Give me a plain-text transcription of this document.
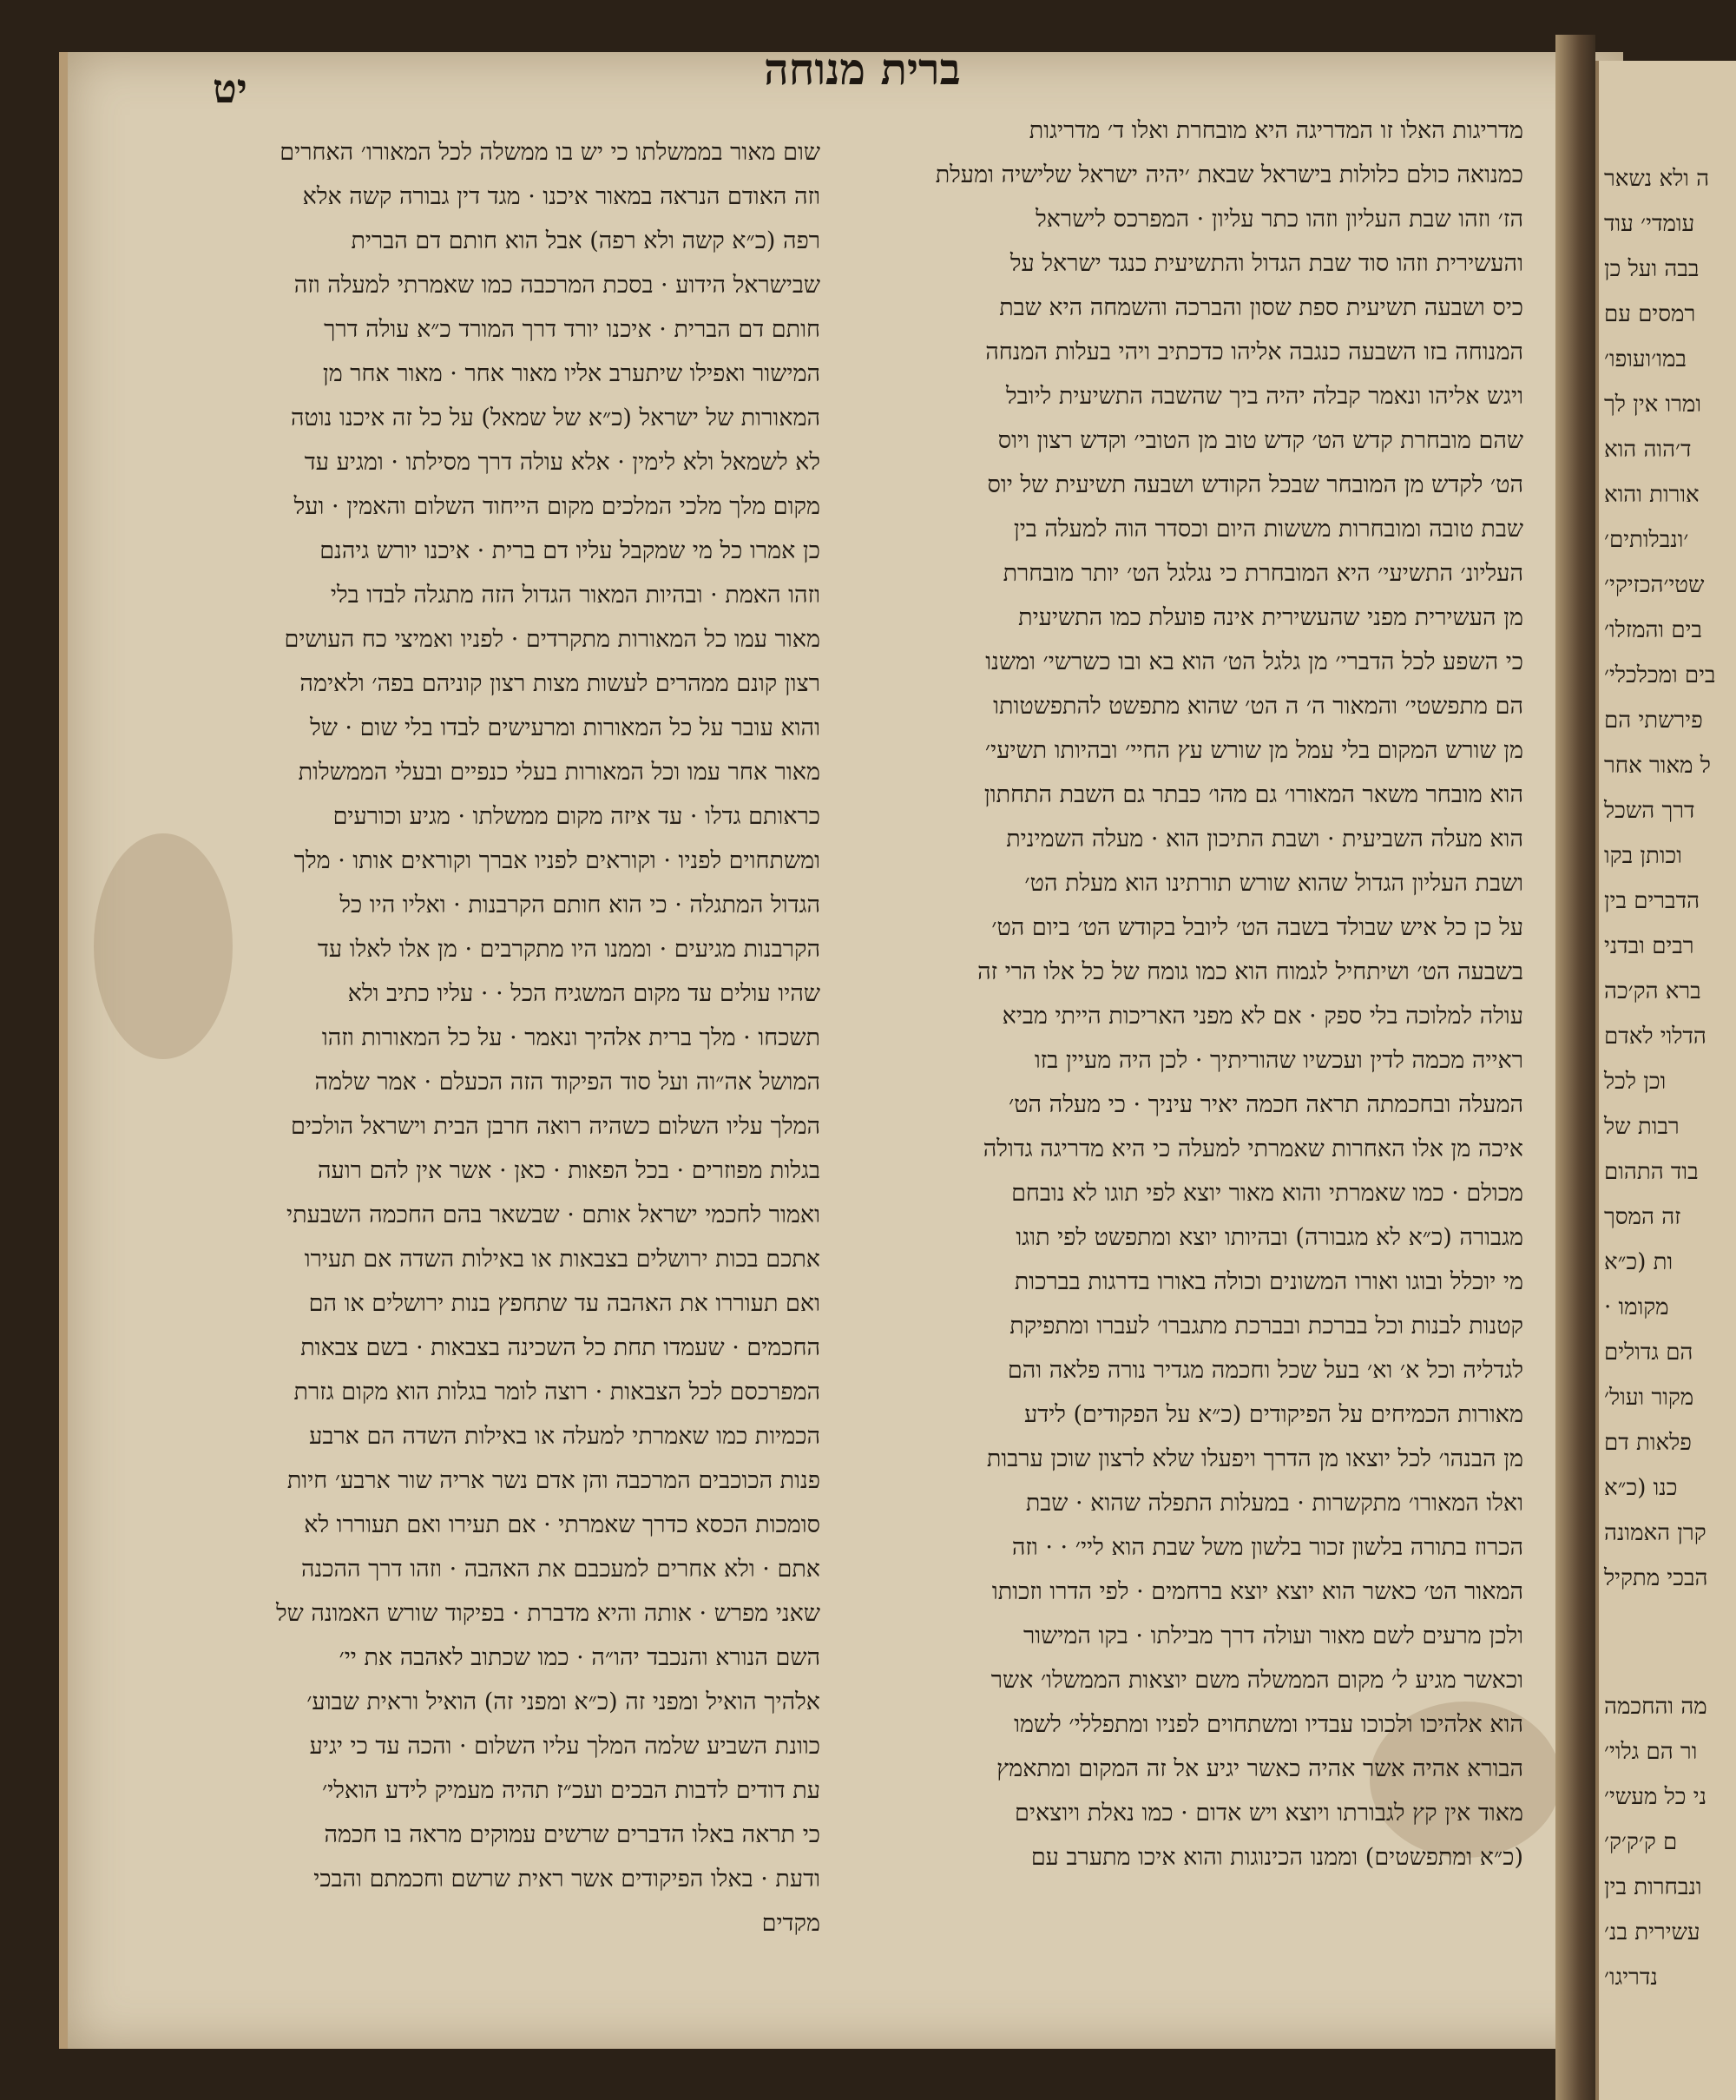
יט	ברית מנוחה
מדריגות האלו זו המדריגה היא מובחרת ואלו ד׳ מדריגות
כמנואה כולם כלולות בישראל שבאת ׳יהיה ישראל שלישיה ומעלת
הז׳ וזהו שבת העליון וזהו כתר עליון · המפרכס לישראל
והעשירית וזהו סוד שבת הגדול והתשיעית כנגד ישראל על
כיס ושבעה תשיעית ספת שסון והברכה והשמחה היא שבת
המנוחה בזו השבעה כנגבה אליהו כדכתיב ויהי בעלות המנחה
ויגש אליהו ונאמר קבלה יהיה ביך שהשבה התשיעית ליובל
שהם מובחרת קדש הט׳ קדש טוב מן הטובי׳ וקדש רצון ויוס
הט׳ לקדש מן המובחר שבכל הקודש ושבעה תשיעית של יוס
שבת טובה ומובחרות מששות היום וכסדר הוה למעלה בין
העליונ׳ התשיעי׳ היא המובחרת כי נגלגל הט׳ יותר מובחרת
מן העשירית מפני שהעשירית אינה פועלת כמו התשיעית
כי השפע לכל הדברי׳ מן גלגל הט׳ הוא בא ובו כשרשי׳ ומשנו
הם מתפשטי׳ והמאור ה׳ ה הט׳ שהוא מתפשט להתפשטותו
מן שורש המקום בלי עמל מן שורש עץ החיי׳ ובהיותו תשיעי׳
הוא מובחר משאר המאורו׳ גם מהו׳ כבתר גם השבת התחתון
הוא מעלה השביעית · ושבת התיכון הוא · מעלה השמינית
ושבת העליון הגדול שהוא שורש תורתינו הוא מעלת הט׳
על כן כל איש שבולד בשבה הט׳ ליובל בקודש הט׳ ביום הט׳
בשבעה הט׳ ושיתחיל לגמוח הוא כמו גומח של כל אלו הרי זה
עולה למלוכה בלי ספק · אם לא מפני האריכות הייתי מביא
ראייה מכמה לדין ועכשיו שהוריתיך · לכן היה מעיין בזו
המעלה ובחכמתה תראה חכמה יאיר עיניך · כי מעלה הט׳
איכה מן אלו האחרות שאמרתי למעלה כי היא מדריגה גדולה
מכולם · כמו שאמרתי והוא מאור יוצא לפי תוגו לא נובחם
מגבורה (כ״א לא מגבורה) ובהיותו יוצא ומתפשט לפי תוגו
מי יוכלל ובוגו ואורו המשונים וכולה באורו בדרגות בברכות
קטנות לבנות וכל בברכת ובברכת מתגברו׳ לעברו ומתפיקת
לגדליה וכל א׳ וא׳ בעל שכל וחכמה מגדיר נורה פלאה והם
מאורות הכמיחים על הפיקודים (כ״א על הפקודים) לידע
מן הבנהו׳ לכל יוצאו מן הדרך ויפעלו שלא לרצון שוכן ערבות
ואלו המאורו׳ מתקשרות · במעלות התפלה שהוא · שבת
הכרוז בתורה בלשון זכור בלשון משל שבת הוא ליי׳ · · וזה
המאור הט׳ כאשר הוא יוצא יוצא ברחמים · לפי הדרו וזכותו
ולכן מרעים לשם מאור ועולה דרך מבילתו · בקו המישור
וכאשר מגיע ל׳ מקום הממשלה משם יוצאות הממשלו׳ אשר
הוא אלהיכו ולכוכו עבדיו ומשתחוים לפניו ומתפללי׳ לשמו
הבורא אהיה אשר אהיה כאשר יגיע אל זה המקום ומתאמץ
מאוד אין קץ לגבורתו ויוצא ויש אדום · כמו נאלת ויוצאים
(כ״א ומתפשטים) וממנו הכינוגות והוא איכו מתערב עם
שום מאור בממשלתו כי יש בו ממשלה לכל המאורו׳ האחרים
וזה האודם הנראה במאור איכנו · מגד דין גבורה קשה אלא
רפה (כ״א קשה ולא רפה) אבל הוא חותם דם הברית
שבישראל הידוע · בסכת המרכבה כמו שאמרתי למעלה וזה
חותם דם הברית · איכנו יורד דרך המורד כ״א עולה דרך
המישור ואפילו שיתערב אליו מאור אחר · מאור אחר מן
המאורות של ישראל (כ״א של שמאל) על כל זה איכנו נוטה
לא לשמאל ולא לימין · אלא עולה דרך מסילתו · ומגיע עד
מקום מלך מלכי המלכים מקום הייחוד השלום והאמין · ועל
כן אמרו כל מי שמקבל עליו דם ברית · איכנו יורש גיהנם
וזהו האמת · ובהיות המאור הגדול הזה מתגלה לבדו בלי
מאור עמו כל המאורות מתקרדים · לפניו ואמיצי כח העושים
רצון קונם ממהרים לעשות מצות רצון קוניהם בפה׳ ולאימה
והוא עובר על כל המאורות ומרעישים לבדו בלי שום · של
מאור אחר עמו וכל המאורות בעלי כנפיים ובעלי הממשלות
כראותם גדלו · עד איזה מקום ממשלתו · מגיע וכורעים
ומשתחוים לפניו · וקוראים לפניו אברך וקוראים אותו · מלך
הגדול המתגלה · כי הוא חותם הקרבנות · ואליו היו כל
הקרבנות מגיעים · וממנו היו מתקרבים · מן אלו לאלו עד
שהיו עולים עד מקום המשגיח הכל · · עליו כתיב ולא
תשכחו · מלך ברית אלהיך ונאמר · על כל המאורות וזהו
המושל אה״וה ועל סוד הפיקוד הזה הכעלם · אמר שלמה
המלך עליו השלום כשהיה רואה חרבן הבית וישראל הולכים
בגלות מפוזרים · בכל הפאות · כאן · אשר אין להם רועה
ואמור לחכמי ישראל אותם · שבשאר בהם החכמה השבעתי
אתכם בכות ירושלים בצבאות או באילות השדה אם תעירו
ואם תעוררו את האהבה עד שתחפץ בנות ירושלים או הם
החכמים · שעמדו תחת כל השכינה בצבאות · בשם צבאות
המפרכסם לכל הצבאות · רוצה לומר בגלות הוא מקום גזרת
הכמיות כמו שאמרתי למעלה או באילות השדה הם ארבע
פנות הכוכבים המרכבה והן אדם נשר אריה שור ארבע׳ חיות
סומכות הכסא כדרך שאמרתי · אם תעירו ואם תעוררו לא
אתם · ולא אחרים למעכבם את האהבה · וזהו דרך ההכנה
שאני מפרש · אותה והיא מדברת · בפיקוד שורש האמונה של
השם הנורא והנכבד יהו״ה · כמו שכתוב לאהבה את יי׳
אלהיך הואיל ומפני זה (כ״א ומפני זה) הואיל וראית שבוע׳
כוונת השביע שלמה המלך עליו השלום · והכה עד כי יגיע
עת דודים לדבות הבכים ועכ״ז תהיה מעמיק לידע הואלי׳
כי תראה באלו הדברים שרשים עמוקים מראה בו חכמה
ודעת · באלו הפיקודים אשר ראית שרשם וחכמתם והבכי
מקדים
ה ולא נשאר
עומדי׳ עוד
בבה ועל כן
רמסים עם
במו׳ועופו׳
ומרו אין לך
ד׳הוה הוא
אורות והוא
׳ונבלותים׳
שטי׳הכזיקי׳
בים והמזלו׳
בים ומכלכלי׳
פירשתי הם
ל מאור אחר
דרך השכל
וכותן בקו
הדברים בין
רבים ובדני
ברא הק׳כה
הדלוי לאדם
וכן לכל
רבות של
בוד התהום
זה המסך
ות (כ״א
מקומו ·
הם גדולים
מקור ועול׳
פלאות דם
כנו (כ״א
קרן האמונה
הבכי מתקיל
מה והחכמה
ור הם גלוי׳
ני כל מעשי׳
ם ק׳ק׳ק׳
ונבחרות בין
עשירית בנ׳
נדריגו׳
